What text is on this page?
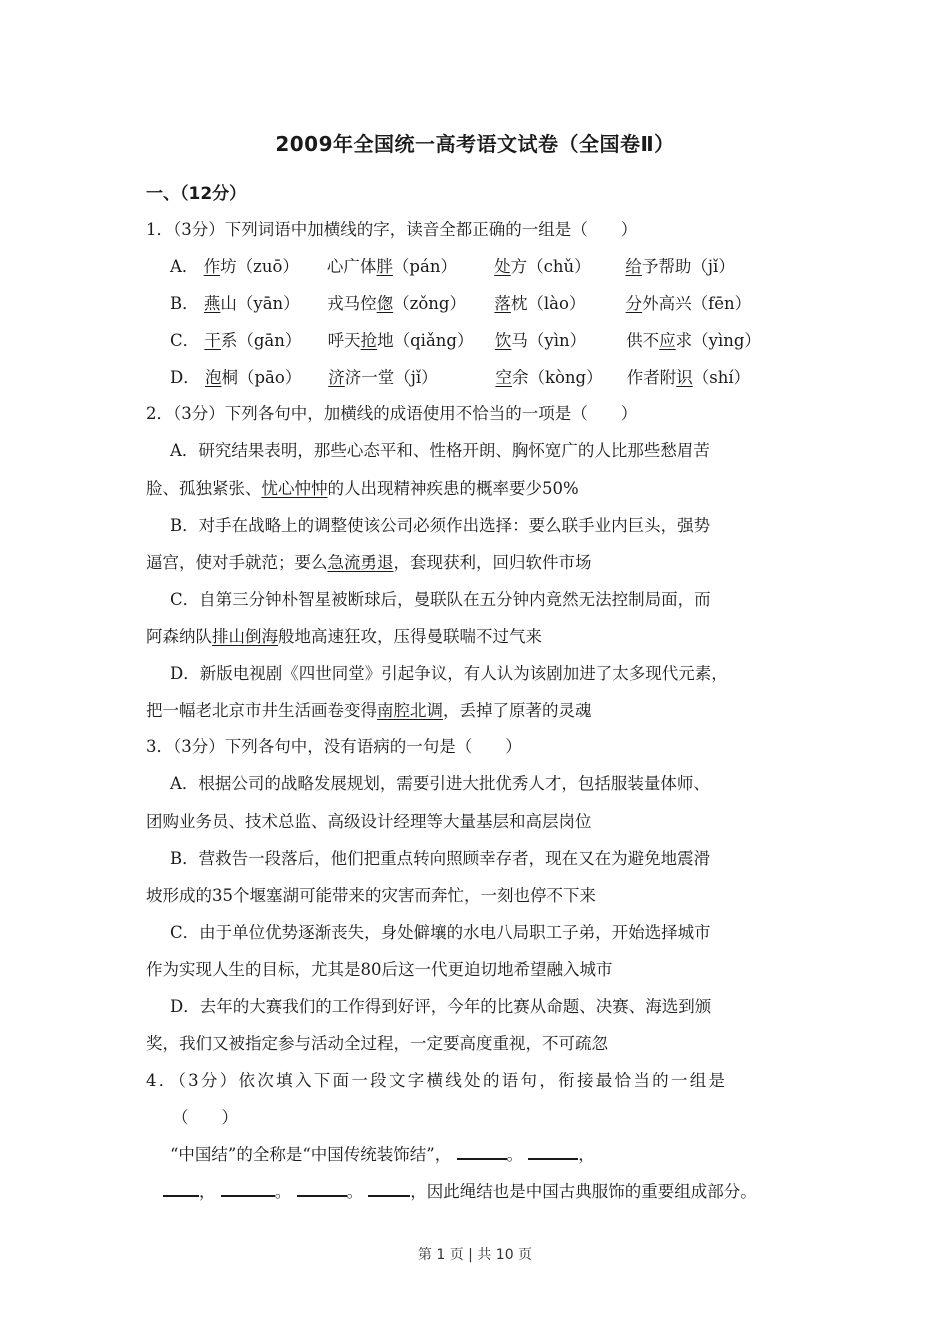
2009年全国统一高考语文试卷（全国卷Ⅱ）
一、（12分）
1．（3分）下列词语中加横线的字，读音全都正确的一组是（　　）
A． 作坊（zuō） 心广体胖（pán） 处方（chǔ） 给予帮助（jǐ）
B． 燕山（yān） 戎马倥偬（zǒng） 落枕（lào） 分外高兴（fēn）
C． 干系（gān） 呼天抢地（qiǎng） 饮马（yìn） 供不应求（yìng）
D． 泡桐（pāo） 济济一堂（jǐ）	空余（kòng） 作者附识（shí）
2．（3分）下列各句中，加横线的成语使用不恰当的一项是（　　）
A．研究结果表明，那些心态平和、性格开朗、胸怀宽广的人比那些愁眉苦
脸、孤独紧张、忧心忡忡的人出现精神疾患的概率要少50%
B．对手在战略上的调整使该公司必须作出选择：要么联手业内巨头，强势
逼宫，使对手就范；要么急流勇退，套现获利，回归软件市场
C．自第三分钟朴智星被断球后，曼联队在五分钟内竟然无法控制局面，而
阿森纳队排山倒海般地高速狂攻，压得曼联喘不过气来
D．新版电视剧《四世同堂》引起争议，有人认为该剧加进了太多现代元素，
把一幅老北京市井生活画卷变得南腔北调，丢掉了原著的灵魂
3．（3分）下列各句中，没有语病的一句是（　　）
A．根据公司的战略发展规划，需要引进大批优秀人才，包括服装量体师、
团购业务员、技术总监、高级设计经理等大量基层和高层岗位
B．营救告一段落后，他们把重点转向照顾幸存者，现在又在为避免地震滑
坡形成的35个堰塞湖可能带来的灾害而奔忙，一刻也停不下来
C．由于单位优势逐渐丧失，身处僻壤的水电八局职工子弟，开始选择城市
作为实现人生的目标，尤其是80后这一代更迫切地希望融入城市
D．去年的大赛我们的工作得到好评，今年的比赛从命题、决赛、海选到颁
奖，我们又被指定参与活动全过程，一定要高度重视，不可疏忽
4．（3分）依次填入下面一段文字横线处的语句，衔接最恰当的一组是
（　　）
“中国结”的全称是“中国传统装饰结”，	。	，
，	。	。	，因此绳结也是中国古典服饰的重要组成部分。
第 1 页 | 共 10 页
